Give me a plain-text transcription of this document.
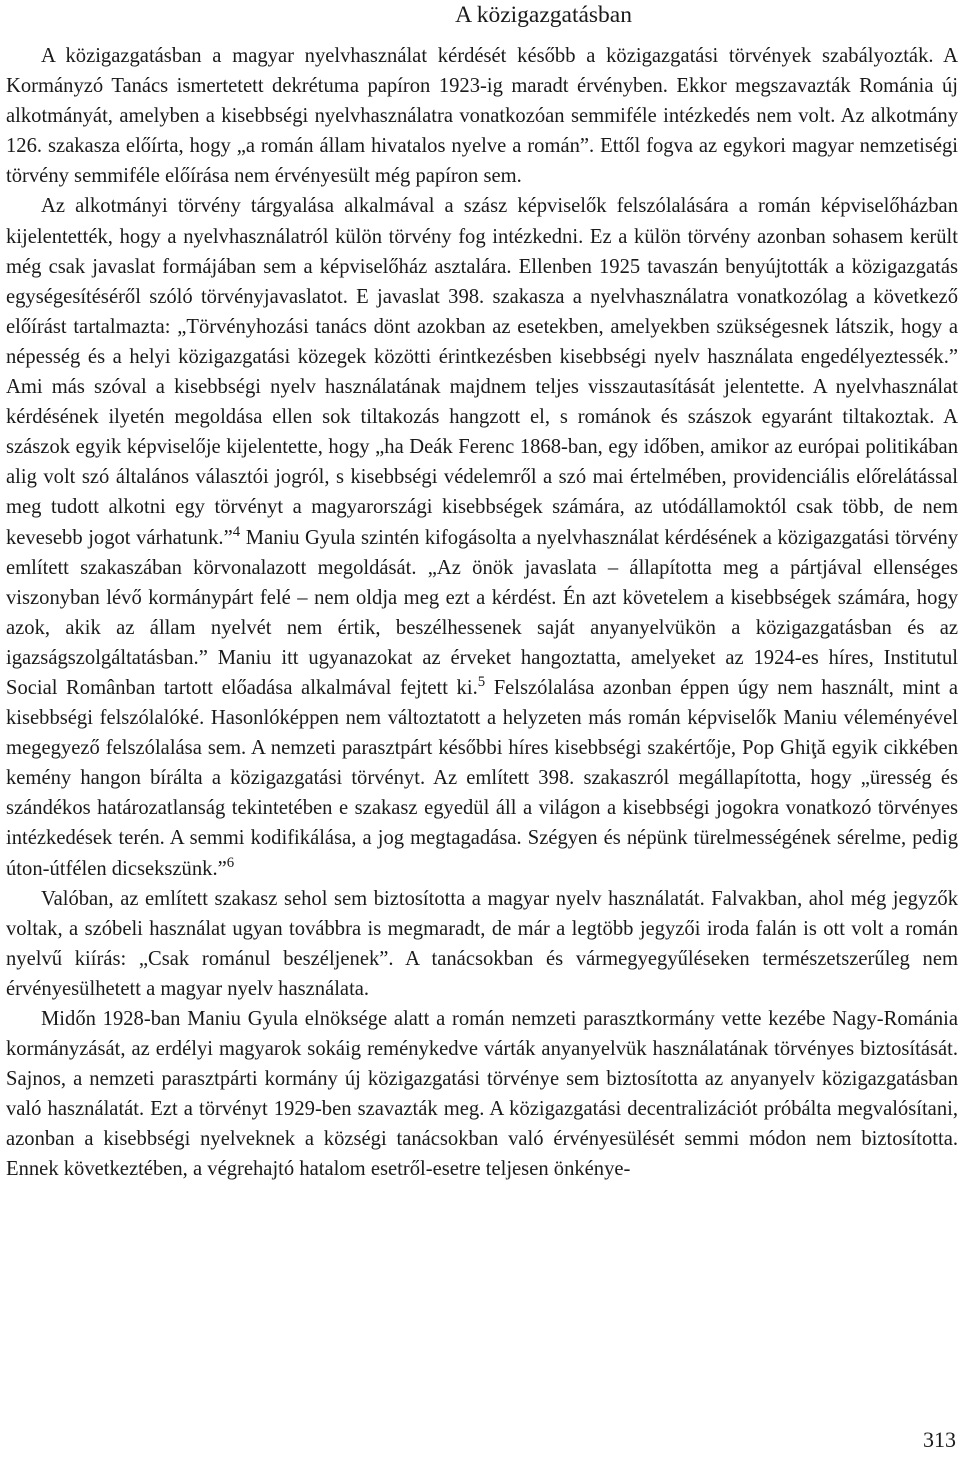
A közigazgatásban

A közigazgatásban a magyar nyelvhasználat kérdését később a közigazgatási törvények szabályozták. A Kormányzó Tanács ismertetett dekrétuma papíron 1923-ig maradt érvényben. Ekkor megszavazták Románia új alkotmányát, amelyben a kisebbségi nyelvhasználatra vonatkozóan semmiféle intézkedés nem volt. Az alkotmány 126. szakasza előírta, hogy „a román állam hivatalos nyelve a román”. Ettől fogva az egykori magyar nemzetiségi törvény semmiféle előírása nem érvényesült még papíron sem.

Az alkotmányi törvény tárgyalása alkalmával a szász képviselők felszólalására a román képviselőházban kijelentették, hogy a nyelvhasználatról külön törvény fog intézkedni. Ez a külön törvény azonban sohasem került még csak javaslat formájában sem a képviselőház asztalára. Ellenben 1925 tavaszán benyújtották a közigazgatás egységesítéséről szóló törvényjavaslatot. E javaslat 398. szakasza a nyelvhasználatra vonatkozólag a következő előírást tartalmazta: „Törvényhozási tanács dönt azokban az esetekben, amelyekben szükségesnek látszik, hogy a népesség és a helyi közigazgatási közegek közötti érintkezésben kisebbségi nyelv használata engedélyeztessék.” Ami más szóval a kisebbségi nyelv használatának majdnem teljes visszautasítását jelentette. A nyelvhasználat kérdésének ilyetén megoldása ellen sok tiltakozás hangzott el, s románok és szászok egyaránt tiltakoztak. A szászok egyik képviselője kijelentette, hogy „ha Deák Ferenc 1868-ban, egy időben, amikor az európai politikában alig volt szó általános választói jogról, s kisebbségi védelemről a szó mai értelmében, providenciális előrelátással meg tudott alkotni egy törvényt a magyarországi kisebbségek számára, az utódállamoktól csak több, de nem kevesebb jogot várhatunk.”$^4$ Maniu Gyula szintén kifogásolta a nyelvhasználat kérdésének a közigazgatási törvény említett szakaszában körvonalazott megoldását. „Az önök javaslata – állapította meg a pártjával ellenséges viszonyban lévő kormánypárt felé – nem oldja meg ezt a kérdést. Én azt követelem a kisebbségek számára, hogy azok, akik az állam nyelvét nem értik, beszélhessenek saját anyanyelvükön a közigazgatásban és az igazságszolgáltatásban.” Maniu itt ugyanazokat az érveket hangoztatta, amelyeket az 1924-es híres, Institutul Social Românban tartott előadása alkalmával fejtett ki.$^5$ Felszólalása azonban éppen úgy nem használt, mint a kisebbségi felszólalóké. Hasonlóképpen nem változtatott a helyzeten más román képviselők Maniu véleményével megegyező felszólalása sem. A nemzeti parasztpárt későbbi híres kisebbségi szakértője, Pop Ghiţă egyik cikkében kemény hangon bírálta a közigazgatási törvényt. Az említett 398. szakaszról megállapította, hogy „üresség és szándékos határozatlanság tekintetében e szakasz egyedül áll a világon a kisebbségi jogokra vonatkozó törvényes intézkedések terén. A semmi kodifikálása, a jog megtagadása. Szégyen és népünk türelmességének sérelme, pedig úton-útfélen dicsekszünk.”$^6$

Valóban, az említett szakasz sehol sem biztosította a magyar nyelv használatát. Falvakban, ahol még jegyzők voltak, a szóbeli használat ugyan továbbra is megmaradt, de már a legtöbb jegyzői iroda falán is ott volt a román nyelvű kiírás: „Csak románul beszéljenek”. A tanácsokban és vármegyegyűléseken természetszerűleg nem érvényesülhetett a magyar nyelv használata.

Midőn 1928-ban Maniu Gyula elnöksége alatt a román nemzeti parasztkormány vette kezébe Nagy-Románia kormányzását, az erdélyi magyarok sokáig reménykedve várták anyanyelvük használatának törvényes biztosítását. Sajnos, a nemzeti parasztpárti kormány új közigazgatási törvénye sem biztosította az anyanyelv közigazgatásban való használatát. Ezt a törvényt 1929-ben szavazták meg. A közigazgatási decentralizációt próbálta megvalósítani, azonban a kisebbségi nyelveknek a községi tanácsokban való érvényesülését semmi módon nem biztosította. Ennek következtében, a végrehajtó hatalom esetről-esetre teljesen önkénye-

313
